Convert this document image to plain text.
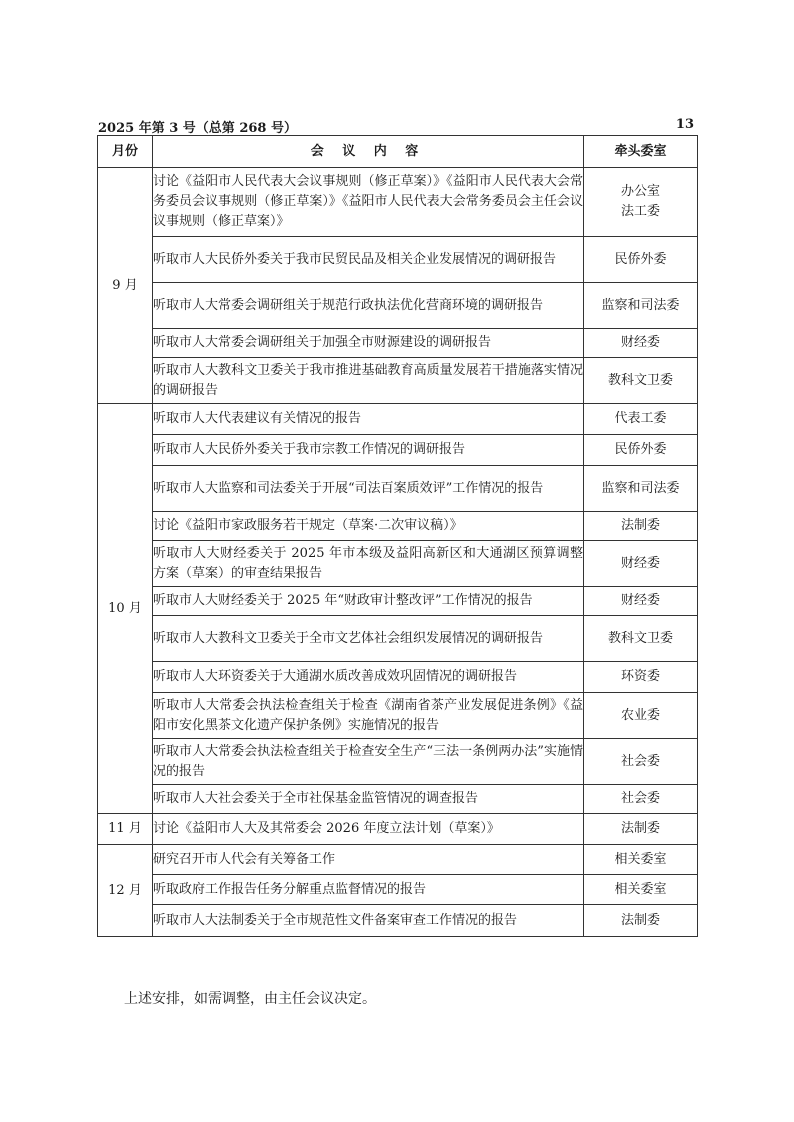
2025 年第 3 号（总第 268 号）	13
月份	会 议 内 容	牵头委室
9 月	讨论《益阳市人民代表大会议事规则（修正草案）》《益阳市人民代表大会常务委员会议事规则（修正草案）》《益阳市人民代表大会常务委员会主任会议议事规则（修正草案）》	办公室
法工委

	听取市人大民侨外委关于我市民贸民品及相关企业发展情况的调研报告	民侨外委

	听取市人大常委会调研组关于规范行政执法优化营商环境的调研报告	监察和司法委

	听取市人大常委会调研组关于加强全市财源建设的调研报告	财经委

	听取市人大教科文卫委关于我市推进基础教育高质量发展若干措施落实情况的调研报告	教科文卫委

10 月	听取市人大代表建议有关情况的报告	代表工委

	听取市人大民侨外委关于我市宗教工作情况的调研报告	民侨外委

	听取市人大监察和司法委关于开展“司法百案质效评”工作情况的报告	监察和司法委

	讨论《益阳市家政服务若干规定（草案·二次审议稿）》	法制委

	听取市人大财经委关于 2025 年市本级及益阳高新区和大通湖区预算调整方案（草案）的审查结果报告	财经委

	听取市人大财经委关于 2025 年“财政审计整改评”工作情况的报告	财经委

	听取市人大教科文卫委关于全市文艺体社会组织发展情况的调研报告	教科文卫委

	听取市人大环资委关于大通湖水质改善成效巩固情况的调研报告	环资委

	听取市人大常委会执法检查组关于检查《湖南省茶产业发展促进条例》《益阳市安化黑茶文化遗产保护条例》实施情况的报告	农业委

	听取市人大常委会执法检查组关于检查安全生产“三法一条例两办法”实施情况的报告	社会委

	听取市人大社会委关于全市社保基金监管情况的调查报告	社会委

11 月	讨论《益阳市人大及其常委会 2026 年度立法计划（草案）》	法制委

12 月	研究召开市人代会有关筹备工作	相关委室

	听取政府工作报告任务分解重点监督情况的报告	相关委室

	听取市人大法制委关于全市规范性文件备案审查工作情况的报告	法制委
上述安排，如需调整，由主任会议决定。
